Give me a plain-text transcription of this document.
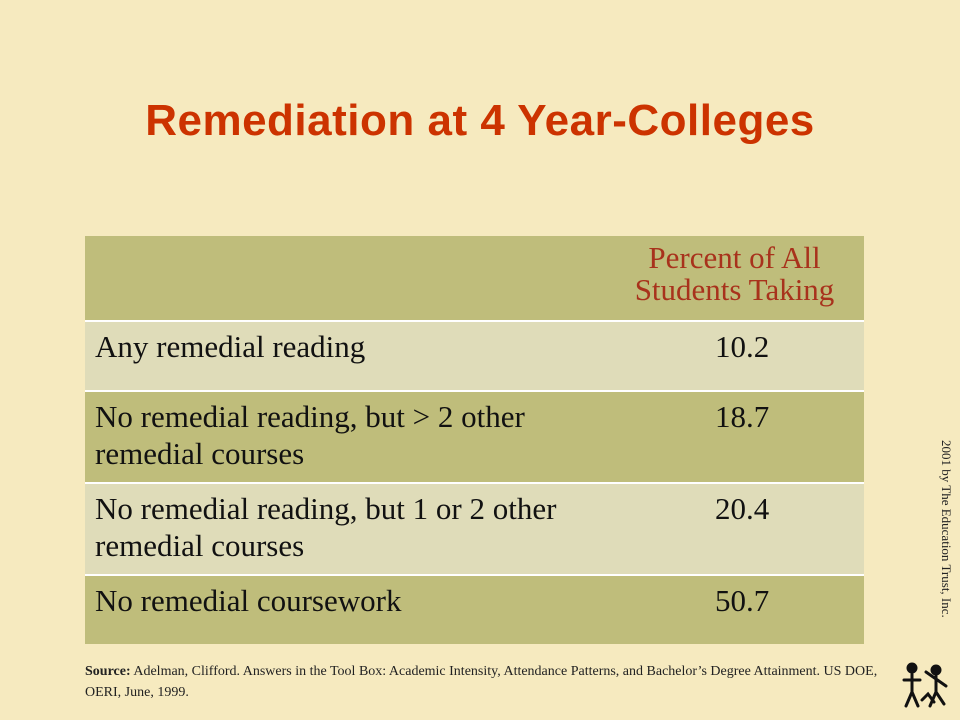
Remediation at 4 Year-Colleges
	Percent of All Students Taking
Any remedial reading	10.2
No remedial reading, but > 2 other remedial courses	18.7
No remedial reading, but 1 or 2 other remedial courses	20.4
No remedial coursework	50.7
Source: Adelman, Clifford. Answers in the Tool Box: Academic Intensity, Attendance Patterns, and Bachelor’s Degree Attainment. US DOE, OERI, June, 1999.
2001 by The Education Trust, Inc.
